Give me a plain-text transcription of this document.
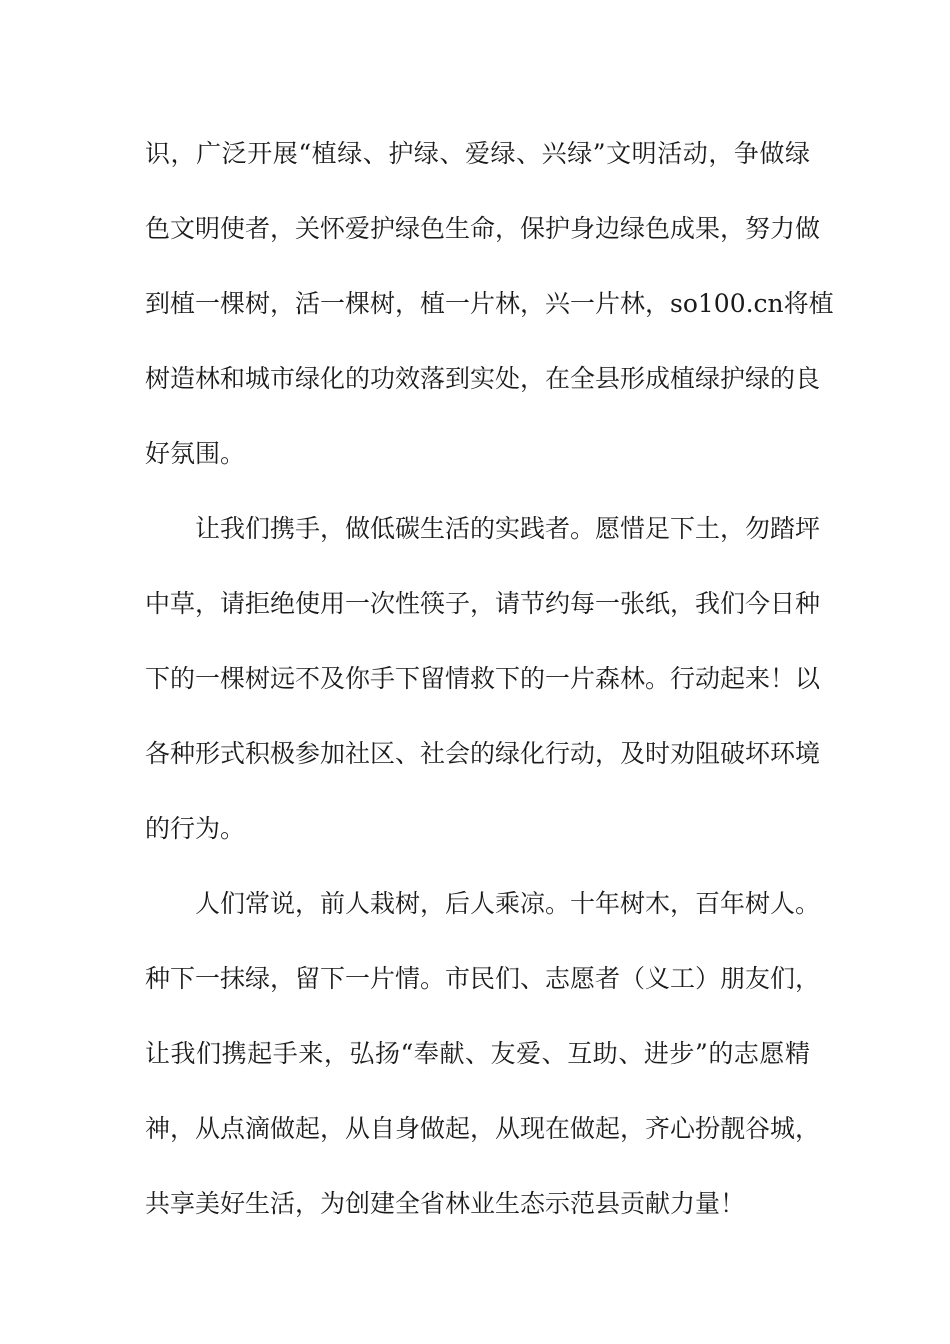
识，广泛开展“植绿、护绿、爱绿、兴绿”文明活动，争做绿
色文明使者，关怀爱护绿色生命，保护身边绿色成果，努力做
到植一棵树，活一棵树，植一片林，兴一片林，so100.cn将植
树造林和城市绿化的功效落到实处，在全县形成植绿护绿的良
好氛围。
让我们携手，做低碳生活的实践者。愿惜足下土，勿踏坪
中草，请拒绝使用一次性筷子，请节约每一张纸，我们今日种
下的一棵树远不及你手下留情救下的一片森林。行动起来！以
各种形式积极参加社区、社会的绿化行动，及时劝阻破坏环境
的行为。
人们常说，前人栽树，后人乘凉。十年树木，百年树人。
种下一抹绿，留下一片情。市民们、志愿者（义工）朋友们，
让我们携起手来，弘扬“奉献、友爱、互助、进步”的志愿精
神，从点滴做起，从自身做起，从现在做起，齐心扮靓谷城，
共享美好生活，为创建全省林业生态示范县贡献力量！
